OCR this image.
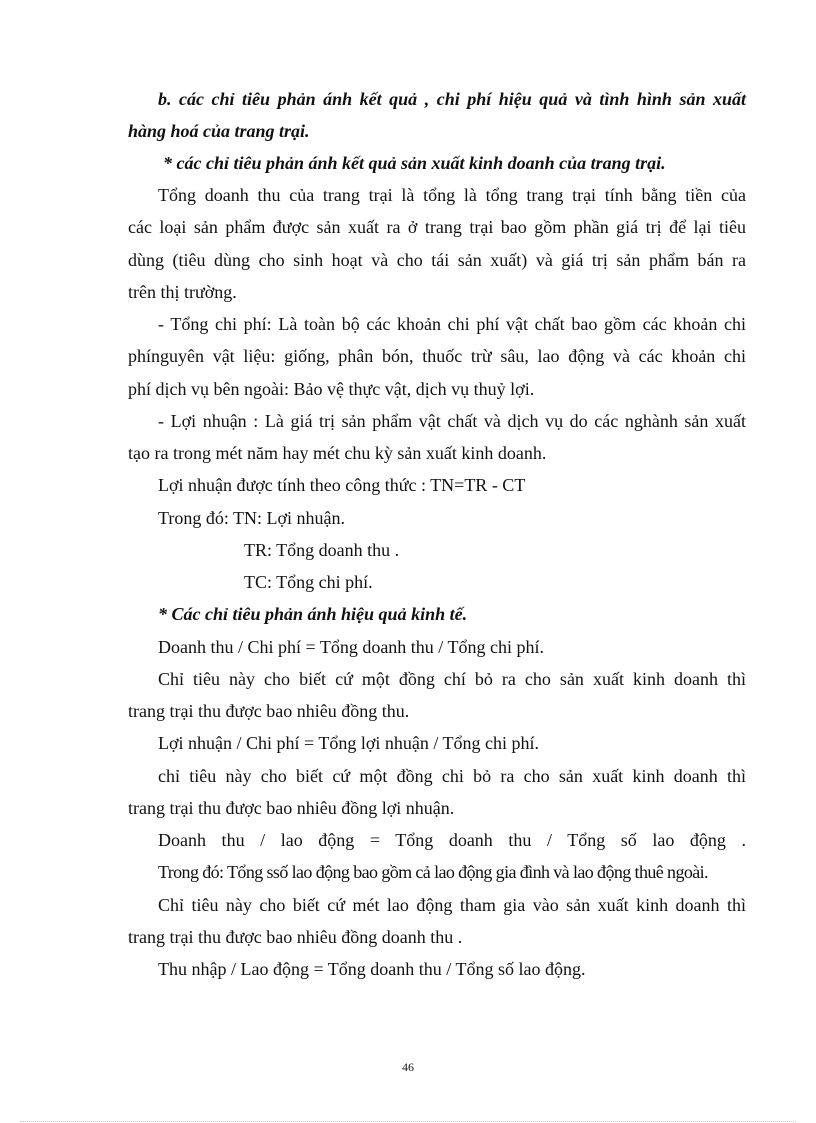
b. các chỉ tiêu phản ánh kết quả , chi phí hiệu quả và tình hình sản xuất
hàng hoá của trang trại.
* các chỉ tiêu phản ánh kết quả sản xuất kinh doanh của trang trại.
Tổng doanh thu của trang trại là tổng là tổng trang trại tính bằng tiền của
các loại sản phẩm được sản xuất ra ở trang trại bao gồm phần giá trị để lại tiêu
dùng (tiêu dùng cho sinh hoạt và cho tái sản xuất) và giá trị sản phẩm bán ra
trên thị trường.
- Tổng chi phí: Là toàn bộ các khoản chi phí vật chất bao gồm các khoản chi
phínguyên vật liệu: giống, phân bón, thuốc trừ sâu, lao động và các khoản chi
phí dịch vụ bên ngoài: Bảo vệ thực vật, dịch vụ thuỷ lợi.
- Lợi nhuận : Là giá trị sản phẩm vật chất và dịch vụ do các nghành sản xuất
tạo ra trong mét năm hay mét chu kỳ sản xuất kinh doanh.
Lợi nhuận được tính theo công thức : TN=TR - CT
Trong đó: TN: Lợi nhuận.
TR: Tổng doanh thu .
TC: Tổng chi phí.
* Các chỉ tiêu phản ánh hiệu quả kinh tế.
Doanh thu / Chi phí = Tổng doanh thu / Tổng chi phí.
Chỉ tiêu này cho biết cứ một đồng chí bỏ ra cho sản xuất kinh doanh thì
trang trại thu được bao nhiêu đồng thu.
Lợi nhuận / Chi phí = Tổng lợi nhuận / Tổng chi phí.
chỉ tiêu này cho biết cứ một đồng chi bỏ ra cho sản xuất kinh doanh thì
trang trại thu được bao nhiêu đồng lợi nhuận.
Doanh thu / lao động = Tổng doanh thu / Tổng số lao động .
Trong đó: Tổng ssố lao động bao gồm cả lao động gia đình và lao động thuê ngoài.
Chỉ tiêu này cho biết cứ mét lao động tham gia vào sản xuất kinh doanh thì
trang trại thu được bao nhiêu đồng doanh thu .
Thu nhập / Lao động = Tổng doanh thu / Tổng số lao động.
46
